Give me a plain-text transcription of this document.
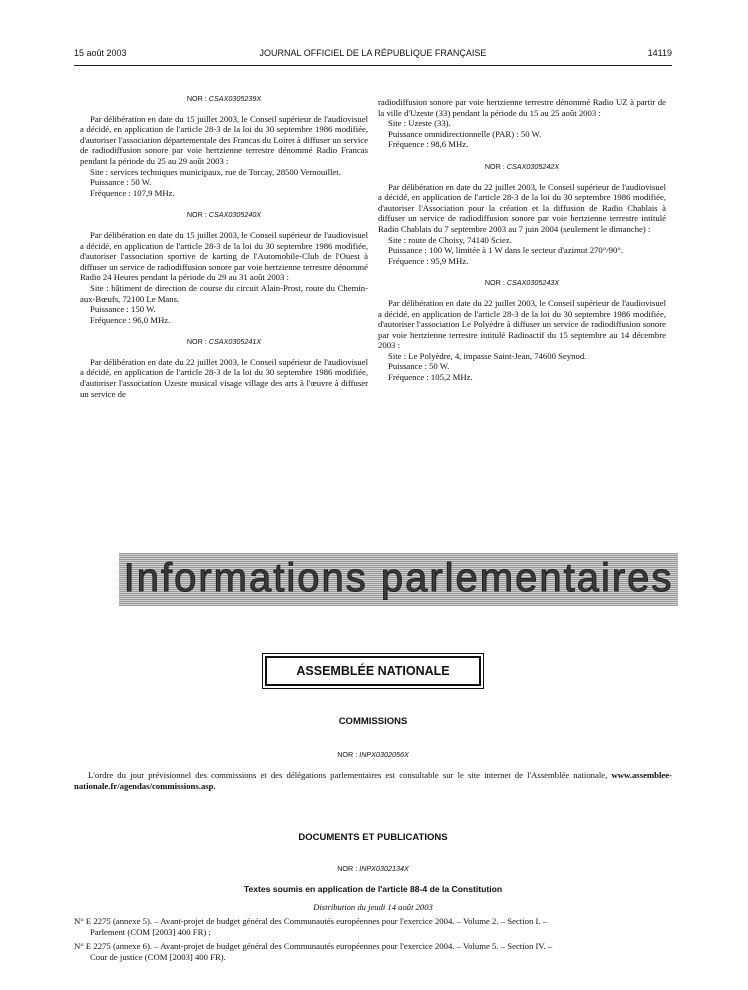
15 août 2003	JOURNAL OFFICIEL DE LA RÉPUBLIQUE FRANÇAISE	14119
NOR : CSAX0305239X

Par délibération en date du 15 juillet 2003, le Conseil supérieur de l'audiovisuel a décidé, en application de l'article 28-3 de la loi du 30 septembre 1986 modifiée, d'autoriser l'association départementale des Francas du Loiret à diffuser un service de radiodiffusion sonore par voie hertzienne terrestre dénommé Radio Francas pendant la période du 25 au 29 août 2003 :

Site : services techniques municipaux, rue de Torcay, 28500 Vernouillet.

Puissance : 50 W.

Fréquence : 107,9 MHz.

NOR : CSAX0305240X

Par délibération en date du 15 juillet 2003, le Conseil supérieur de l'audiovisuel a décidé, en application de l'article 28-3 de la loi du 30 septembre 1986 modifiée, d'autoriser l'association sportive de karting de l'Automobile-Club de l'Ouest à diffuser un service de radiodiffusion sonore par voie hertzienne terrestre dénommé Radio 24 Heures pendant la période du 29 au 31 août 2003 :

Site : bâtiment de direction de course du circuit Alain-Prost, route du Chemin-aux-Bœufs, 72100 Le Mans.

Puissance : 150 W.

Fréquence : 96,0 MHz.

NOR : CSAX0305241X

Par délibération en date du 22 juillet 2003, le Conseil supérieur de l'audiovisuel a décidé, en application de l'article 28-3 de la loi du 30 septembre 1986 modifiée, d'autoriser l'association Uzeste musical visage village des arts à l'œuvre à diffuser un service de

radiodiffusion sonore par voie hertzienne terrestre dénommé Radio UZ à partir de la ville d'Uzeste (33) pendant la période du 15 au 25 août 2003 :

Site : Uzeste (33).

Puissance omnidirectionnelle (PAR) : 50 W.

Fréquence : 98,6 MHz.

NOR : CSAX0305242X

Par délibération en date du 22 juillet 2003, le Conseil supérieur de l'audiovisuel a décidé, en application de l'article 28-3 de la loi du 30 septembre 1986 modifiée, d'autoriser l'Association pour la création et la diffusion de Radio Chablais à diffuser un service de radiodiffusion sonore par voie hertzienne terrestre intitulé Radio Chablais du 7 septembre 2003 au 7 juin 2004 (seulement le dimanche) :

Site : route de Choisy, 74140 Sciez.

Puissance : 100 W, limitée à 1 W dans le secteur d'azimut 270°/90°.

Fréquence : 95,9 MHz.

NOR : CSAX0305243X

Par délibération en date du 22 juillet 2003, le Conseil supérieur de l'audiovisuel a décidé, en application de l'article 28-3 de la loi du 30 septembre 1986 modifiée, d'autoriser l'association Le Polyèdre à diffuser un service de radiodiffusion sonore par voie hertzienne terrestre intitulé Radioactif du 15 septembre au 14 décembre 2003 :

Site : Le Polyèdre, 4, impasse Saint-Jean, 74600 Seynod.

Puissance : 50 W.

Fréquence : 105,2 MHz.

Informations parlementaires
ASSEMBLÉE NATIONALE
COMMISSIONS
NOR : INPX0302056X
L'ordre du jour prévisionnel des commissions et des délégations parlementaires est consultable sur le site internet de l'Assemblée nationale, www.assemblee-nationale.fr/agendas/commissions.asp.
DOCUMENTS ET PUBLICATIONS
NOR : INPX0302134X
Textes soumis en application de l'article 88-4 de la Constitution
Distribution du jeudi 14 août 2003
N° E 2275 (annexe 5). – Avant-projet de budget général des Communautés européennes pour l'exercice 2004. – Volume 2. – Section I. –
Parlement (COM [2003] 400 FR) ;
N° E 2275 (annexe 6). – Avant-projet de budget général des Communautés européennes pour l'exercice 2004. – Volume 5. – Section IV. –
Cour de justice (COM [2003] 400 FR).
